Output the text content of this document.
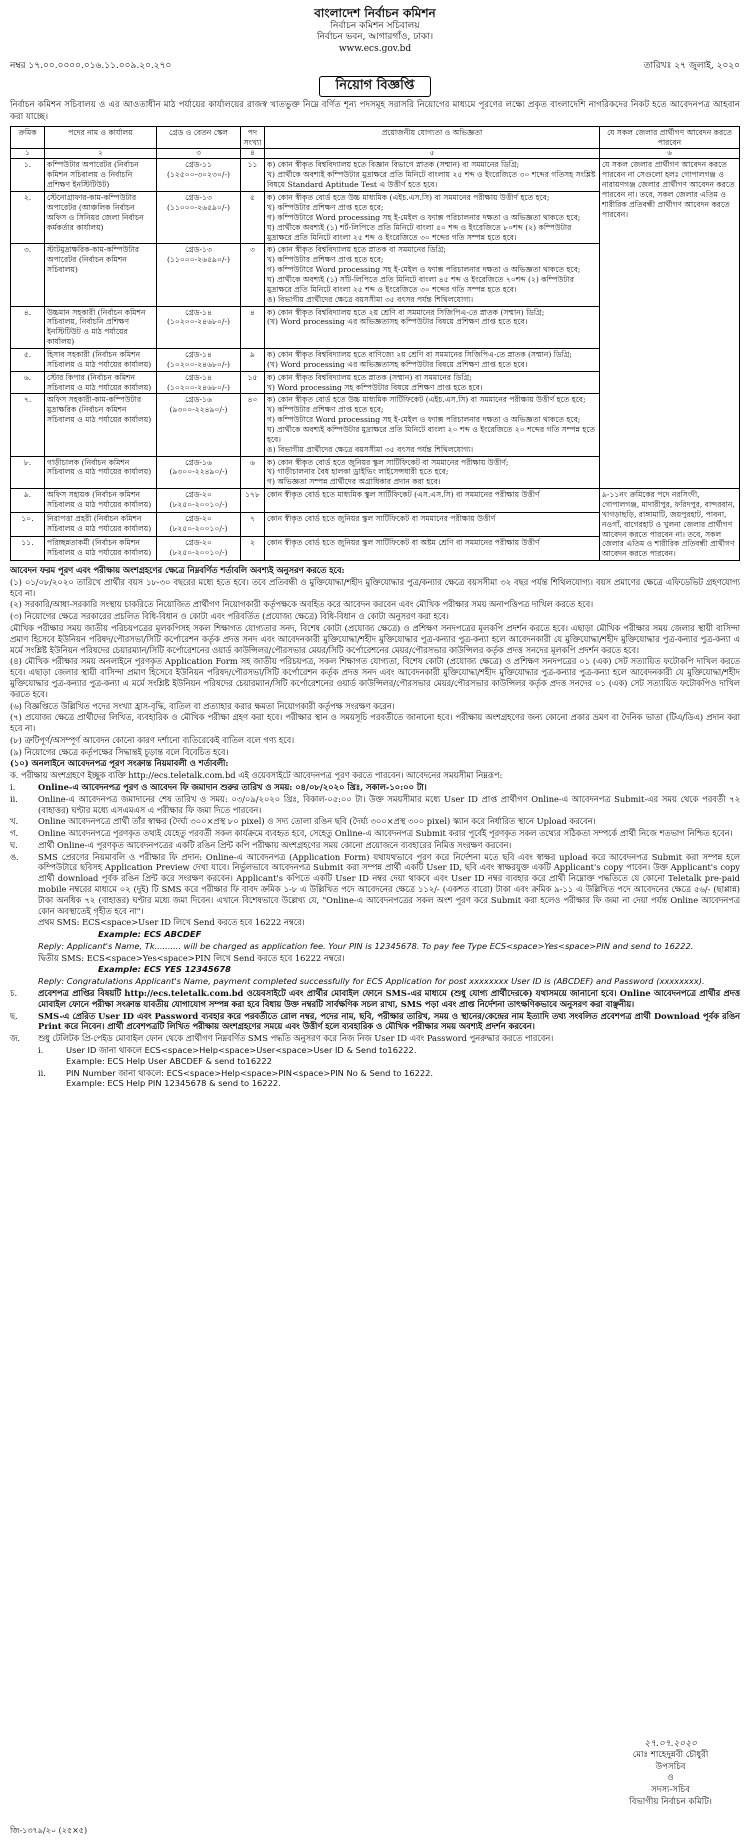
বাংলাদেশ নির্বাচন কমিশন
নির্বাচন কমিশন সচিবালয়
নির্বাচন ভবন, আগারগাঁও, ঢাকা।
www.ecs.gov.bd
নম্বর ১৭.০০.০০০০.০১৬.১১.০০৯.২০.২৭০	তারিখঃ ২৭ জুলাই, ২০২০
নিয়োগ বিজ্ঞপ্তি
নির্বাচন কমিশন সচিবালয় ও এর আওতাধীন মাঠ পর্যায়ের কার্যালয়ের রাজস্ব খাতভুক্ত নিম্নে বর্ণিত শূন্য পদসমূহ সরাসরি নিয়োগের মাধ্যমে পূরণের লক্ষ্যে প্রকৃত বাংলাদেশি নাগরিকদের নিকট হতে আবেদনপত্র আহবান করা যাচ্ছে।
ক্রমিক	পদের নাম ও কার্যালয়	গ্রেড ও বেতন স্কেল	পদ সংখ্যা	প্রয়োজনীয় যোগ্যতা ও অভিজ্ঞতা	যে সকল জেলার প্রার্থীগণ আবেদন করতে পারবেন
১	২	৩	৪	৫	৬
১.	কম্পিউটার অপারেটর (নির্বাচন কমিশন সচিবালয় ও নির্বাচনি প্রশিক্ষণ ইনস্টিটিউট)	গ্রেড-১১ (১২৫০০-৩০২৩০/-)	১১	ক) কোন স্বীকৃত বিশ্ববিদ্যালয় হতে বিজ্ঞান বিভাগে স্নাতক (সম্মান) বা সমমানের ডিগ্রি;
খ) প্রার্থীকে অবশ্যই কম্পিউটার মুদ্রাক্ষরে প্রতি মিনিটে বাংলায় ২৫ শব্দ ও ইংরেজিতে ৩০ শব্দের গতিসহ সংশ্লিষ্ট বিষয়ে Standard Aptitude Test এ উত্তীর্ণ হতে হবে।	যে সকল জেলার প্রার্থীগণ আবেদন করতে পারবেন না সেগুলো হলঃ গোপালগঞ্জ ও নারায়ণগঞ্জ জেলার প্রার্থীগণ আবেদন করতে পারবেন না। তবে, সকল জেলার এতিম ও শারীরিক প্রতিবন্ধী প্রার্থীগণ আবেদন করতে পারবেন।
২.	স্টেনোগ্রাফার-কাম-কম্পিউটার অপারেটর (আঞ্চলিক নির্বাচন অফিস ও সিনিয়র জেলা নির্বাচন কর্মকর্তার কার্যালয়)	গ্রেড-১৩ (১১০০০-২৬৫৯০/-)	৫	ক) কোন স্বীকৃত বোর্ড হতে উচ্চ মাধ্যমিক (এইচ.এস.সি) বা সমমানের পরীক্ষায় উত্তীর্ণ হতে হবে;
খ) কম্পিউটার প্রশিক্ষণ প্রাপ্ত হতে হবে;
গ) কম্পিউটারে Word processing সহ ই-মেইল ও ফ্যাক্স পরিচালনার দক্ষতা ও অভিজ্ঞতা থাকতে হবে;
ঘ) প্রার্থীকে অবশ্যই (১) শর্ট-লিপিতে প্রতি মিনিটে বাংলা ৫০ শব্দ ও ইংরেজিতে ৮০শব্দ (২) কম্পিউটার মুদ্রাক্ষরে প্রতি মিনিটে বাংলা ২৫ শব্দ ও ইংরেজিতে ৩০ শব্দের গতি সম্পন্ন হতে হবে।	

৩.	স্টাটমুদ্রাক্ষরিক-কাম-কম্পিউটার অপারেটর (নির্বাচন কমিশন সচিবালয়)	গ্রেড-১৩ (১১০০০-২৬৫৯০/-)	৩	ক) কোন স্বীকৃত বিশ্ববিদ্যালয় হতে স্নাতক বা সমমানের ডিগ্রি;
খ) কম্পিউটার প্রশিক্ষণ প্রাপ্ত হতে হবে;
গ) কম্পিউটারে Word processing সহ ই-মেইল ও ফ্যাক্স পরিচালনার দক্ষতা ও অভিজ্ঞতা থাকতে হবে;
ঘ) প্রার্থীকে অবশ্যই (১) সাঁট-লিপিতে প্রতি মিনিটে বাংলা ৪৫ শব্দ ও ইংরেজিতে ৭০শব্দ (২) কম্পিউটার মুদ্রাক্ষরে প্রতি মিনিটে বাংলা ২৫ শব্দ ও ইংরেজিতে ৩০ শব্দের গতি সম্পন্ন হতে হবে।
ঙ) বিভাগীয় প্রার্থীদের ক্ষেত্রে বয়সসীমা ৩৫ বৎসর পর্যন্ত শিথিলযোগ্য।	

৪.	উচ্চমান সহকারী (নির্বাচন কমিশন সচিবালয়, নির্বাচনি প্রশিক্ষণ ইনস্টিটিউট ও মাঠ পর্যায়ের কার্যালয়)	গ্রেড-১৪ (১০২০০-২৪৬৮০/-)	৪	ক) কোন স্বীকৃত বিশ্ববিদ্যালয় হতে ২য় শ্রেণি বা সমমানের সিজিপিএ-তে স্নাতক (সম্মান) ডিগ্রি;
(খ) Word processing এর অভিজ্ঞতাসহ কম্পিউটার বিষয়ে প্রশিক্ষণ প্রাপ্ত হতে হবে।	

৫.	হিসাব সহকারী (নির্বাচন কমিশন সচিবালয় ও মাঠ পর্যায়ের কার্যালয়)	গ্রেড-১৪ (১০২০০-২৪৬৮০/-)	৯	ক) কোন স্বীকৃত বিশ্ববিদ্যালয় হতে বাণিজ্যে ২য় শ্রেণি বা সমমানের সিজিপিএ-তে স্নাতক (সম্মান) ডিগ্রি;
(খ) Word processing এর অভিজ্ঞতাসহ কম্পিউটার বিষয়ে প্রশিক্ষণ প্রাপ্ত হতে হবে।	

৬.	স্টোর কিপার (নির্বাচন কমিশন সচিবালয় ও মাঠ পর্যায়ের কার্যালয়)	গ্রেড-১৪ (১০২০০-২৪৬৮০/-)	১৫	ক) কোন স্বীকৃত বিশ্ববিদ্যালয় হতে স্নাতক (সম্মান) বা সমমানের ডিগ্রি;
খ) Word processing সহ কম্পিউটার বিষয়ে প্রশিক্ষণ প্রাপ্ত হতে হবে।	

৭.	অফিস সহকারী-কাম-কম্পিউটার মুদ্রাক্ষরিক (নির্বাচন কমিশন সচিবালয় ও মাঠ পর্যায়ের কার্যালয়)	গ্রেড-১৬ (৯৩০০-২২৪৯০/-)	৪০	ক) কোন স্বীকৃত বোর্ড হতে উচ্চ মাধ্যমিক সার্টিফিকেট (এইচ.এস.সি) বা সমমানের পরীক্ষায় উত্তীর্ণ হতে হবে;
খ) কম্পিউটার প্রশিক্ষণ প্রাপ্ত হতে হবে;
গ) কম্পিউটারে Word processing সহ ই-মেইল ও ফ্যাক্স পরিচালনার দক্ষতা ও অভিজ্ঞতা থাকতে হবে;
ঘ) প্রার্থীকে অবশ্যই কম্পিউটার মুদ্রাক্ষরে প্রতি মিনিটে বাংলা ২০ শব্দ ও ইংরেজিতে ২০ শব্দের গতি সম্পন্ন হতে হবে।
ঙ) বিভাগীয় প্রার্থীদের ক্ষেত্রে বয়সসীমা ৩৫ বৎসর পর্যন্ত শিথিলযোগ্য।	

৮.	গাড়ীচালক (নির্বাচন কমিশন সচিবালয় ও মাঠ পর্যায়ের কার্যালয়)	গ্রেড-১৬ (৯৩০০-২২৪৯০/-)	৬	ক) কোন স্বীকৃত বোর্ড হতে জুনিয়র স্কুল সার্টিফিকেট বা সমমানের পরীক্ষায় উত্তীর্ণ;
খ) গাড়ীচালনার বৈধ হালকা ড্রাইভিং লাইসেন্সধারী হতে হবে;
গ) অভিজ্ঞতা সম্পন্ন প্রার্থীদের অগ্রাধিকার প্রদান করা হবে।	

৯.	অফিস সহায়ক (নির্বাচন কমিশন সচিবালয় ও মাঠ পর্যায়ের কার্যালয়)	গ্রেড-২০ (৮২৫০-২০০১০/-)	১৭৮	কোন স্বীকৃত বোর্ড হতে মাধ্যমিক স্কুল সার্টিফিকেট (এস.এস.সি) বা সমমানের পরীক্ষায় উত্তীর্ণ	৯-১১নং ক্রমিকের পদে নরসিংদী, গোপালগঞ্জ, মাদারীপুর, ফরিদপুর, বান্দরবান, খাগড়াছড়ি, রাঙ্গামাটি, জয়পুরহাট, পাবনা, নওগাঁ, বাগেরহাট ও খুলনা জেলার প্রার্থীগণ আবেদন করতে পারবেন না। তবে, সকল জেলার এতিম ও শারীরিক প্রতিবন্ধী প্রার্থীগণ আবেদন করতে পারবেন।
১০.	নিরাপত্তা প্রহরী (নির্বাচন কমিশন সচিবালয় ও মাঠ পর্যায়ের কার্যালয়)	গ্রেড-২০ (৮২৫০-২০০১০/-)	৭	কোন স্বীকৃত বোর্ড হতে জুনিয়র স্কুল সার্টিফিকেট বা সমমানের পরীক্ষায় উত্তীর্ণ	

১১.	পরিচ্ছন্নতাকর্মী (নির্বাচন কমিশন সচিবালয় ও মাঠ পর্যায়ের কার্যালয়)	গ্রেড-২০ (৮২৫০-২০০১০/-)	২	কোন স্বীকৃত বোর্ড হতে জুনিয়র স্কুল সার্টিফিকেট বা অষ্টম শ্রেণি বা সমমানের পরীক্ষায় উত্তীর্ণ	

আবেদন ফরম পূরণ এবং পরীক্ষায় অংশগ্রহণের ক্ষেত্রে নিম্নবর্ণিত শর্তাবলি অবশ্যই অনুসরণ করতে হবে:

(১) ০১/০৮/২০২০ তারিখে প্রার্থীর বয়স ১৮-৩০ বছরের মধ্যে হতে হবে। তবে প্রতিবন্ধী ও মুক্তিযোদ্ধা/শহীদ মুক্তিযোদ্ধার পুত্র/কন্যার ক্ষেত্রে বয়সসীমা ৩২ বছর পর্যন্ত শিথিলযোগ্য। বয়স প্রমাণের ক্ষেত্রে এফিডেভিট গ্রহণযোগ্য হবে না।

(২) সরকারি/আধা-সরকারি সংস্থায় চাকরিতে নিয়োজিত প্রার্থীগণ নিয়োগকারী কর্তৃপক্ষকে অবহিত করে আবেদন করবেন এবং মৌখিক পরীক্ষার সময় অনাপত্তিপত্র দাখিল করতে হবে।

(৩) নিয়োগের ক্ষেত্রে সরকারের প্রচলিত বিধি-বিধান ও কোটা এবং পরিবর্তিত (প্রযোজ্য ক্ষেত্রে) বিধি-বিধান ও কোটা অনুসরণ করা হবে।

মৌখিক পরীক্ষার সময় জাতীয় পরিচয়পত্রের মূলকপিসহ সকল শিক্ষাগত যোগ্যতার সনদ, বিশেষ কোটা (প্রযোজ্য ক্ষেত্রে) ও প্রশিক্ষণ সনদপত্রের মূলকপি প্রদর্শন করতে হবে। এছাড়া মৌখিক পরীক্ষার সময় জেলার স্থায়ী বাসিন্দা প্রমাণ হিসেবে ইউনিয়ন পরিষদ/পৌরসভা/সিটি কর্পোরেশন কর্তৃক প্রদত্ত সনদ এবং আবেদনকারী মুক্তিযোদ্ধা/শহীদ মুক্তিযোদ্ধার পুত্র-কন্যার পুত্র-কন্যা হলে আবেদনকারী যে মুক্তিযোদ্ধা/শহীদ মুক্তিযোদ্ধার পুত্র-কন্যার পুত্র-কন্যা এ মর্মে সংশ্লিষ্ট ইউনিয়ন পরিষদের চেয়ারম্যান/সিটি কর্পোরেশনের ওয়ার্ড কাউন্সিলর/পৌরসভার মেয়র/সিটি কর্পোরেশনের মেয়র/পৌরসভার কাউন্সিলর কর্তৃক প্রদত্ত সনদের মূলকপি প্রদর্শন করতে হবে।

(৪) মৌখিক পরীক্ষার সময় অনলাইনে পূরণকৃত Application Form সহ জাতীয় পরিচয়পত্র, সকল শিক্ষাগত যোগ্যতা, বিশেষ কোটা (প্রযোজ্য ক্ষেত্রে) ও প্রশিক্ষণ সনদপত্রের ০১ (এক) সেট সত্যায়িত ফটোকপি দাখিল করতে হবে। এছাড়া জেলার স্থায়ী বাসিন্দা প্রমাণ হিসেবে ইউনিয়ন পরিষদ/পৌরসভা/সিটি কর্পোরেশন কর্তৃক প্রদত্ত সনদ এবং আবেদনকারী মুক্তিযোদ্ধা/শহীদ মুক্তিযোদ্ধার পুত্র-কন্যার পুত্র-কন্যা হলে আবেদনকারী যে মুক্তিযোদ্ধা/শহীদ মুক্তিযোদ্ধার পুত্র-কন্যার পুত্র-কন্যা এ মর্মে সংশ্লিষ্ট ইউনিয়ন পরিষদের চেয়ারম্যান/সিটি কর্পোরেশনের ওয়ার্ড কাউন্সিলর/পৌরসভার মেয়র/পৌরসভার কাউন্সিলর কর্তৃক প্রদত্ত সনদের ০১ (এক) সেট সত্যায়িত ফটোকপিও দাখিল করতে হবে।

(৬) বিজ্ঞপ্তিতে উল্লিখিত পদের সংখ্যা হ্রাস-বৃদ্ধি, বাতিল বা প্রত্যাহার করার ক্ষমতা নিয়োগকারী কর্তৃপক্ষ সংরক্ষণ করেন।

(৭) প্রযোজ্য ক্ষেত্রে প্রার্থীদের লিখিত, ব্যবহারিক ও মৌখিক পরীক্ষা গ্রহণ করা হবে। পরীক্ষার স্থান ও সময়সূচি পরবর্তীতে জানানো হবে। পরীক্ষায় অংশগ্রহণের জন্য কোনো প্রকার ভ্রমণ বা দৈনিক ভাতা (টিএ/ডিএ) প্রদান করা হবে না।

(৮) ত্রুটিপূর্ণ/অসম্পূর্ণ আবেদন কোনো কারণ দর্শানো ব্যতিরেকেই বাতিল বলে গণ্য হবে।

(৯) নিয়োগের ক্ষেত্রে কর্তৃপক্ষের সিদ্ধান্তই চূড়ান্ত বলে বিবেচিত হবে।

(১০) অনলাইনে আবেদনপত্র পূরণ সংক্রান্ত নিয়মাবলী ও শর্তাবলী:

ক. পরীক্ষায় অংশগ্রহণে ইচ্ছুক ব্যক্তি http://ecs.teletalk.com.bd এই ওয়েবসাইটে আবেদনপত্র পূরণ করতে পারবেন। আবেদনের সময়সীমা নিম্নরূপ:

i.	Online-এ আবেদনপত্র পূরণ ও আবেদন ফি জমাদান শুরুর তারিখ ও সময়: ০৪/০৮/২০২০ খ্রিঃ, সকাল-১০:০০ টা।
ii.	Online-এ আবেদনপত্র জমাদানের শেষ তারিখ ও সময়: ০৩/০৯/২০২০ খ্রিঃ, বিকাল-০৫:০০ টা। উক্ত সময়সীমার মধ্যে User ID প্রাপ্ত প্রার্থীগণ Online-এ আবেদনপত্র Submit-এর সময় থেকে পরবর্তী ৭২ (বাহাত্তর) ঘণ্টার মধ্যে এসএমএস এ পরীক্ষার ফি জমা দিতে পারবেন।
খ.	Online আবেদনপত্রে প্রার্থী তাঁর স্বাক্ষর (দৈর্ঘ্য ৩০০×প্রস্থ ৮০ pixel) ও সদ্য তোলা রঙিন ছবি (দৈর্ঘ্য ৩০০×প্রস্থ ৩০০ pixel) স্ক্যান করে নির্ধারিত স্থানে Upload করবেন।
গ.	Online আবেদনপত্রে পূরণকৃত তথ্যই যেহেতু পরবর্তী সকল কার্যক্রমে ব্যবহৃত হবে, সেহেতু Online-এ আবেদনপত্র Submit করার পূর্বেই পূরণকৃত সকল তথ্যের সঠিকতা সম্পর্কে প্রার্থী নিজে শতভাগ নিশ্চিত হবেন।
ঘ.	প্রার্থী Online-এ পূরণকৃত আবেদনপত্রের একটি রঙিন প্রিন্ট কপি পরীক্ষায় অংশগ্রহণের সময় কোনো প্রয়োজনে ব্যবহারের নিমিত্ত সংরক্ষণ করবেন।
ঙ.	SMS প্রেরণের নিয়মাবলি ও পরীক্ষার ফি প্রদান: Online-এ আবেদনপত্র (Application Form) যথাযথভাবে পূরণ করে নির্দেশনা মতে ছবি এবং স্বাক্ষর upload করে আবেদনপত্র Submit করা সম্পন্ন হলে কম্পিউটারে ছবিসহ Application Preview দেখা যাবে। নির্ভুলভাবে আবেদনপত্র Submit করা সম্পন্ন প্রার্থী একটি User ID, ছবি এবং স্বাক্ষরযুক্ত একটি Applicant's copy পাবেন। উক্ত Applicant's copy প্রার্থী download পূর্বক রঙিন প্রিন্ট করে সংরক্ষণ করবেন। Applicant's কপিতে একটি User ID নম্বর দেয়া থাকবে এবং User ID নম্বর ব্যবহার করে প্রার্থী নিম্নোক্ত পদ্ধতিতে যে কোনো Teletalk pre-paid mobile নম্বরের মাধ্যমে ০২ (দুই) টি SMS করে পরীক্ষার ফি বাবদ ক্রমিক ১-৮ এ উল্লিখিত পদে আবেদনের ক্ষেত্রে ১১২/- (একশত বারো) টাকা এবং ক্রমিক ৯-১১ এ উল্লিখিত পদে আবেদনের ক্ষেত্রে ৫৬/- (ছাপ্পান্ন) টাকা অনধিক ৭২ (বাহাত্তর) ঘণ্টার মধ্যে জমা দিবেন। এখানে বিশেষভাবে উল্লেখ্য যে, "Online-এ আবেদনপত্রের সকল অংশ পূরণ করে Submit করা হলেও পরীক্ষার ফি জমা না দেয়া পর্যন্ত Online আবেদনপত্র কোন অবস্থাতেই গৃহীত হবে না"।

প্রথম SMS: ECS<space>User ID লিখে Send করতে হবে 16222 নম্বরে।

Example: ECS ABCDEF

Reply: Applicant's Name, Tk.......... will be charged as application fee. Your PIN is 12345678. To pay fee Type ECS<space>Yes<space>PIN and send to 16222.

দ্বিতীয় SMS: ECS<space>Yes<space>PIN লিখে Send করতে হবে 16222 নম্বরে।

Example: ECS YES 12345678

Reply: Congratulations Applicant's Name, payment completed successfully for ECS Application for post xxxxxxxx User ID is (ABCDEF) and Password (xxxxxxxx).

চ.	প্রবেশপত্র প্রাপ্তির বিষয়টি http://ecs.teletalk.com.bd ওয়েবসাইটে এবং প্রার্থীর মোবাইল ফোনে SMS-এর মাধ্যমে (শুধু যোগ্য প্রার্থীদেরকে) যথাসময়ে জানানো হবে। Online আবেদনপত্রে প্রার্থীর প্রদত্ত মোবাইল ফোনে পরীক্ষা সংক্রান্ত যাবতীয় যোগাযোগ সম্পন্ন করা হবে বিধায় উক্ত নম্বরটি সার্বক্ষণিক সচল রাখা, SMS পড়া এবং প্রাপ্ত নির্দেশনা তাৎক্ষণিকভাবে অনুসরণ করা বাঞ্ছনীয়।
ছ.	SMS-এ প্রেরিত User ID এবং Password ব্যবহার করে পরবর্তীতে রোল নম্বর, পদের নাম, ছবি, পরীক্ষার তারিখ, সময় ও স্থানের/কেন্দ্রের নাম ইত্যাদি তথ্য সংবলিত প্রবেশপত্র প্রার্থী Download পূর্বক রঙিন Print করে নিবেন। প্রার্থী প্রবেশপত্রটি লিখিত পরীক্ষায় অংশগ্রহণের সময়ে এবং উত্তীর্ণ হলে ব্যবহারিক ও মৌখিক পরীক্ষার সময় অবশ্যই প্রদর্শন করবেন।
জ.	শুধু টেলিটক প্রি-পেইড মোবাইল ফোন থেকে প্রার্থীগণ নিম্নবর্ণিত SMS পদ্ধতি অনুসরণ করে নিজ নিজ User ID এবং Password পুনরুদ্ধার করতে পারবেন।
i.	User ID জানা থাকলে ECS<space>Help<space>User<space>User ID & Send to16222.
Example: ECS Help User ABCDEF & send to16222
ii.	PIN Number জানা থাকলে: ECS<space>Help<space>PIN<space>PIN No & Send to 16222.
Example: ECS Help PIN 12345678 & send to 16222.
২৭.০৭.২০২০
মোঃ শাহেদুন্নবী চৌধুরী
উপসচিব
ও
সদস্য-সচিব
বিভাগীয় নির্বাচন কমিটি।
জি-১৩৭৯/২০ (২৫×৫)
